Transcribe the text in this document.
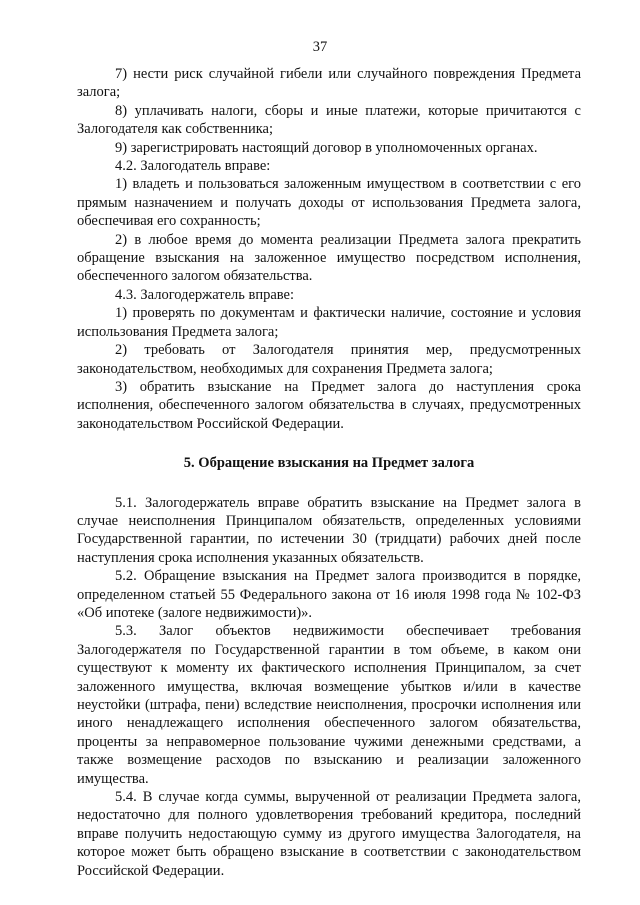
37

7) нести риск случайной гибели или случайного повреждения Предмета залога;

8) уплачивать налоги, сборы и иные платежи, которые причитаются с Залогодателя как собственника;

9) зарегистрировать настоящий договор в уполномоченных органах.

4.2. Залогодатель вправе:

1) владеть и пользоваться заложенным имуществом в соответствии с его прямым назначением и получать доходы от использования Предмета залога, обеспечивая его сохранность;

2) в любое время до момента реализации Предмета залога прекратить обращение взыскания на заложенное имущество посредством исполнения, обеспеченного залогом обязательства.

4.3. Залогодержатель вправе:

1) проверять по документам и фактически наличие, состояние и условия использования Предмета залога;

2) требовать от Залогодателя принятия мер, предусмотренных законодательством, необходимых для сохранения Предмета залога;

3) обратить взыскание на Предмет залога до наступления срока исполнения, обеспеченного залогом обязательства в случаях, предусмотренных законодательством Российской Федерации.

5. Обращение взыскания на Предмет залога

5.1. Залогодержатель вправе обратить взыскание на Предмет залога в случае неисполнения Принципалом обязательств, определенных условиями Государственной гарантии, по истечении 30 (тридцати) рабочих дней после наступления срока исполнения указанных обязательств.

5.2. Обращение взыскания на Предмет залога производится в порядке, определенном статьей 55 Федерального закона от 16 июля 1998 года № 102-ФЗ «Об ипотеке (залоге недвижимости)».

5.3. Залог объектов недвижимости обеспечивает требования Залогодержателя по Государственной гарантии в том объеме, в каком они существуют к моменту их фактического исполнения Принципалом, за счет заложенного имущества, включая возмещение убытков и/или в качестве неустойки (штрафа, пени) вследствие неисполнения, просрочки исполнения или иного ненадлежащего исполнения обеспеченного залогом обязательства, проценты за неправомерное пользование чужими денежными средствами, а также возмещение расходов по взысканию и реализации заложенного имущества.

5.4. В случае когда суммы, вырученной от реализации Предмета залога, недостаточно для полного удовлетворения требований кредитора, последний вправе получить недостающую сумму из другого имущества Залогодателя, на которое может быть обращено взыскание в соответствии с законодательством Российской Федерации.
